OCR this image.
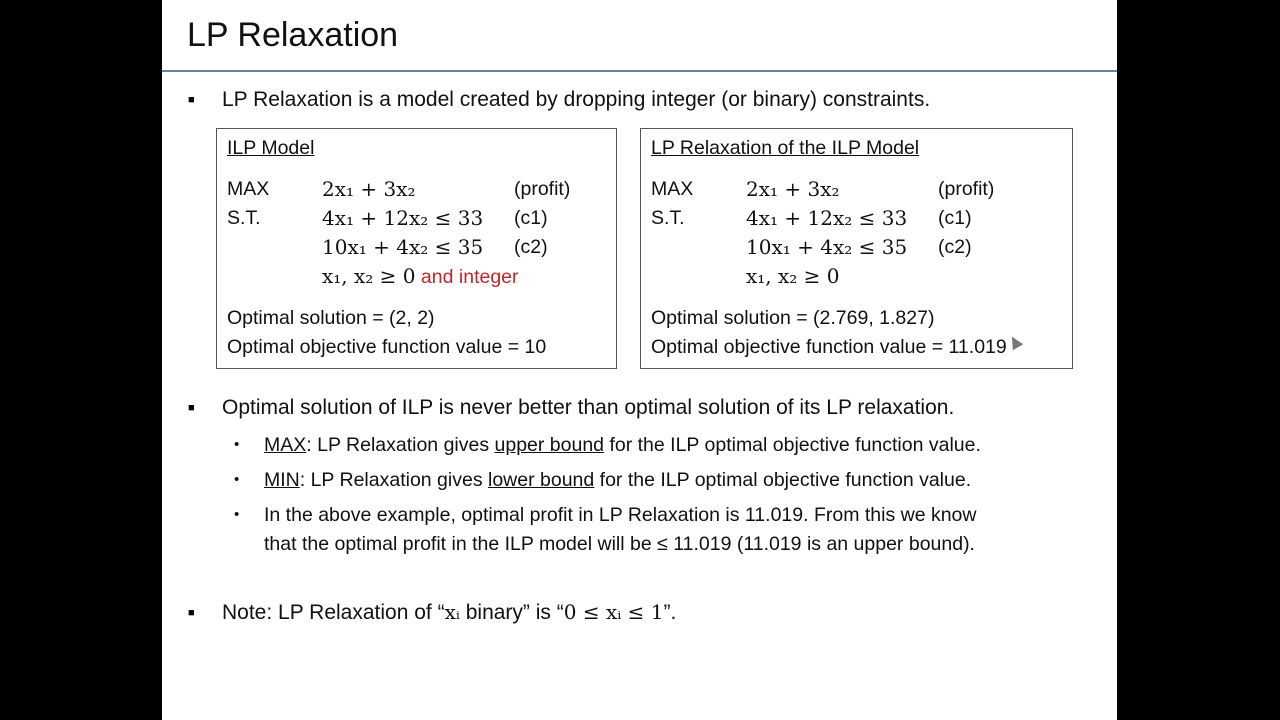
LP Relaxation
■ LP Relaxation is a model created by dropping integer (or binary) constraints.
ILP Model
MAX	2x₁ + 3x₂	(profit)
S.T.	4x₁ + 12x₂ ≤ 33 (c1)
10x₁ + 4x₂ ≤ 35 (c2)
x₁, x₂ ≥ 0 and integer
Optimal solution = (2, 2)
Optimal objective function value = 10
LP Relaxation of the ILP Model
MAX	2x₁ + 3x₂	(profit)
S.T.	4x₁ + 12x₂ ≤ 33 (c1)
10x₁ + 4x₂ ≤ 35 (c2)
x₁, x₂ ≥ 0
Optimal solution = (2.769, 1.827)
Optimal objective function value = 11.019
■ Optimal solution of ILP is never better than optimal solution of its LP relaxation.
• MAX: LP Relaxation gives upper bound for the ILP optimal objective function value.
• MIN: LP Relaxation gives lower bound for the ILP optimal objective function value.
• In the above example, optimal profit in LP Relaxation is 11.019. From this we know
that the optimal profit in the ILP model will be ≤ 11.019 (11.019 is an upper bound).
■ Note: LP Relaxation of “xᵢ binary” is “0 ≤ xᵢ ≤ 1”.
